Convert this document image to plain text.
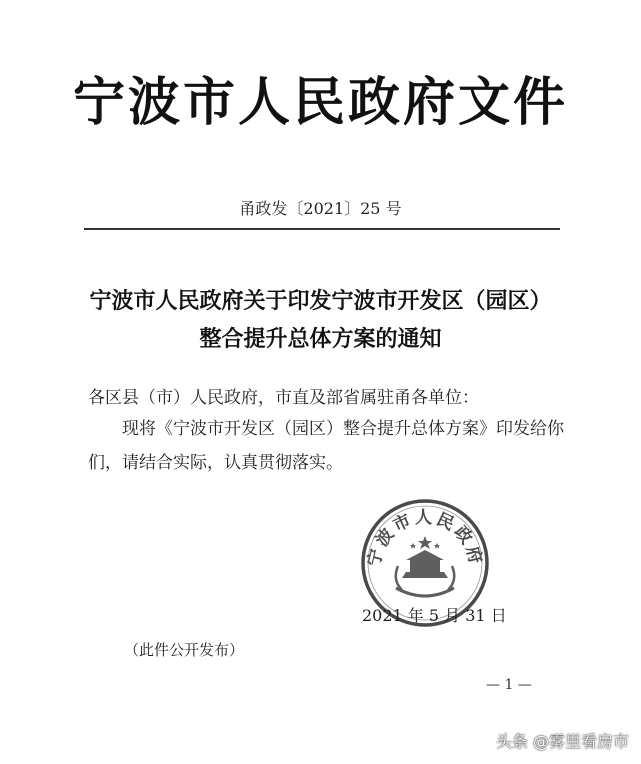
宁波市人民政府文件
甬政发〔2021〕25 号
宁波市人民政府关于印发宁波市开发区（园区）
整合提升总体方案的通知
各区县（市）人民政府，市直及部省属驻甬各单位：
现将《宁波市开发区（园区）整合提升总体方案》印发给你
们，请结合实际，认真贯彻落实。
宁波市人民政府
2021 年 5 月 31 日
（此件公开发布）
— 1 —
头条 @雾里看房市
